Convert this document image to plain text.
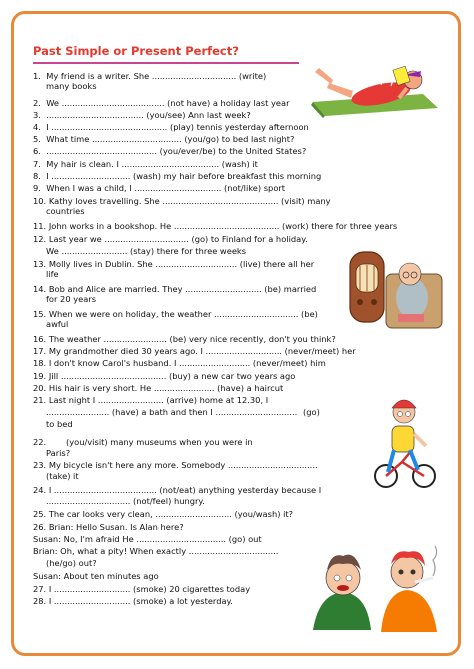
Past Simple or Present Perfect?
1.  My friend is a writer. She ................................ (write)
many books
2.  We ....................................... (not have) a holiday last year
3.  ..................................... (you/see) Ann last week?
4.  I ............................................ (play) tennis yesterday afternoon
5.  What time .................................. (you/go) to bed last night?
6.  .......................................... (you/ever/be) to the United States?
7.  My hair is clean. I ..................................... (wash) it
8.  I .............................. (wash) my hair before breakfast this morning
9.  When I was a child, I ................................. (not/like) sport
10. Kathy loves travelling. She ............................................ (visit) many
countries
11. John works in a bookshop. He ........................................ (work) there for three years
12. Last year we ................................ (go) to Finland for a holiday.
We ......................... (stay) there for three weeks
13. Molly lives in Dublin. She ............................... (live) there all her
life
14. Bob and Alice are married. They ............................. (be) married
for 20 years
15. When we were on holiday, the weather ................................ (be)
awful
16. The weather ........................ (be) very nice recently, don't you think?
17. My grandmother died 30 years ago. I ............................. (never/meet) her
18. I don't know Carol's husband. I ........................... (never/meet) him
19. Jill ........................................ (buy) a new car two years ago
20. His hair is very short. He ....................... (have) a haircut
21. Last night I ......................... (arrive) home at 12.30, I
........................ (have) a bath and then I ............................... (go)
to bed
22. (you/visit) many museums when you were in
Paris?
23. My bicycle isn't here any more. Somebody ..................................
(take) it
24. I ....................................... (not/eat) anything yesterday because I
................................ (not/feel) hungry.
25. The car looks very clean, ............................. (you/wash) it?
26. Brian: Hello Susan. Is Alan here?
Susan: No, I'm afraid He .................................. (go) out
Brian: Oh, what a pity! When exactly ..................................
(he/go) out?
Susan: About ten minutes ago
27. I ............................. (smoke) 20 cigarettes today
28. I ............................. (smoke) a lot yesterday.
